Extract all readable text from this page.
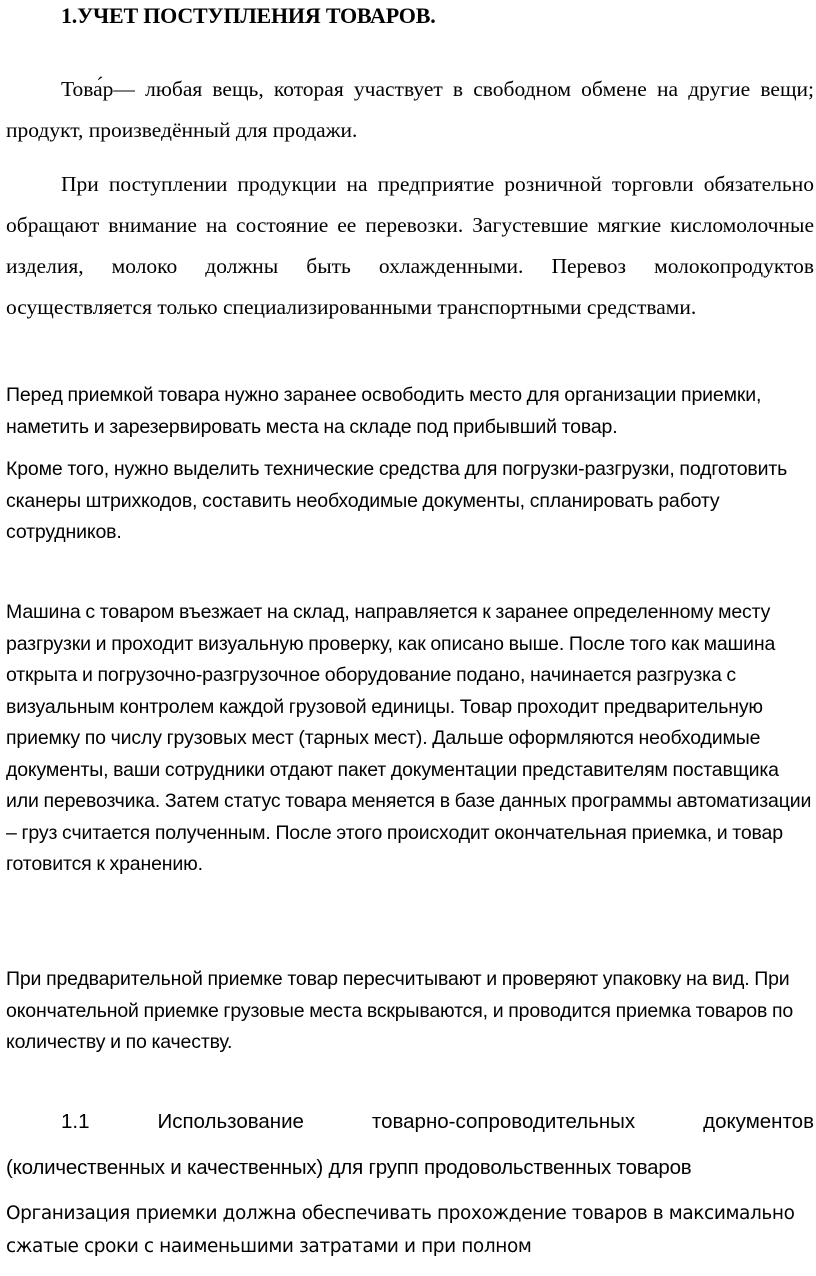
1.УЧЕТ ПОСТУПЛЕНИЯ ТОВАРОВ.

Това́р— любая вещь, которая участвует в свободном обмене на другие вещи; продукт, произведённый для продажи.

При поступлении продукции на предприятие розничной торговли обязательно обращают внимание на состояние ее перевозки. Загустевшие мягкие кисломолочные изделия, молоко должны быть охлажденными. Перевоз молокопродуктов осуществляется только специализированными транспортными средствами.

Перед приемкой товара нужно заранее освободить место для организации приемки, наметить и зарезервировать места на складе под прибывший товар.

Кроме того, нужно выделить технические средства для погрузки-разгрузки, подготовить сканеры штрихкодов, составить необходимые документы, спланировать работу сотрудников.

Машина с товаром въезжает на склад, направляется к заранее определенному месту разгрузки и проходит визуальную проверку, как описано выше. После того как машина открыта и погрузочно-разгрузочное оборудование подано, начинается разгрузка с визуальным контролем каждой грузовой единицы. Товар проходит предварительную приемку по числу грузовых мест (тарных мест). Дальше оформляются необходимые документы, ваши сотрудники отдают пакет документации представителям поставщика или перевозчика. Затем статус товара меняется в базе данных программы автоматизации – груз считается полученным. После этого происходит окончательная приемка, и товар готовится к хранению.

При предварительной приемке товар пересчитывают и проверяют упаковку на вид. При окончательной приемке грузовые места вскрываются, и проводится приемка товаров по количеству и по качеству.

1.1	Использование	товарно-сопроводительных	документов
(количественных и качественных) для групп продовольственных товаров

Организация приемки должна обеспечивать прохождение товаров в максимально сжатые сроки с наименьшими затратами и при полном
